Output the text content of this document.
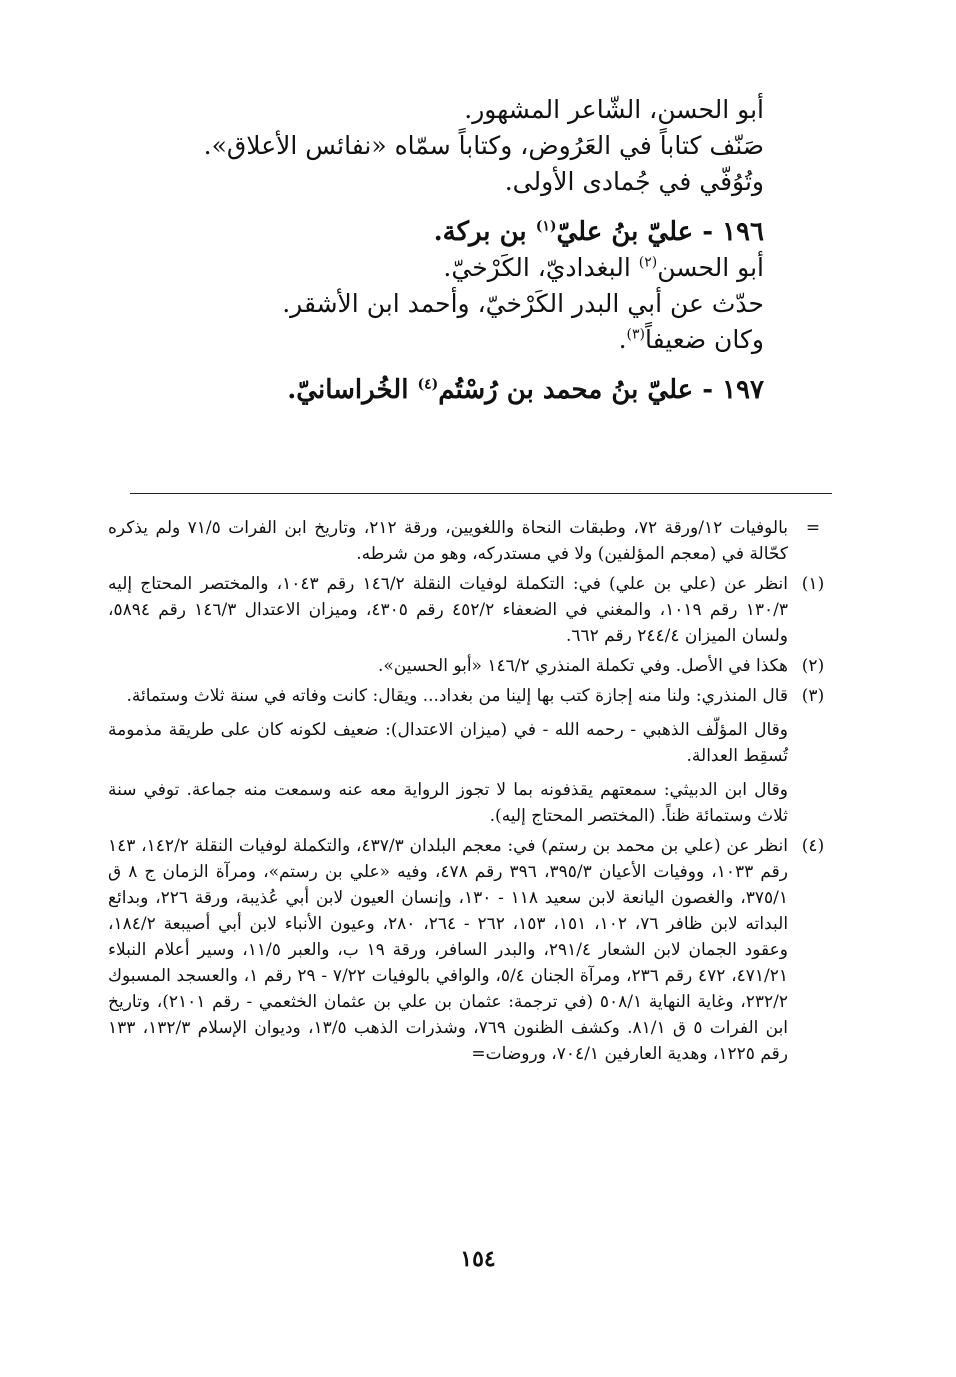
أبو الحسن، الشّاعر المشهور.
صَنّف كتاباً في العَرُوض، وكتاباً سمّاه «نفائس الأعلاق».
وتُوُفّي في جُمادى الأولى.
١٩٦ - عليّ بنُ عليّ$^{(١)}$ بن بركة.
أبو الحسن$^{(٢)}$ البغداديّ، الكَرْخيّ.
حدّث عن أبي البدر الكَرْخيّ، وأحمد ابن الأشقر.
وكان ضعيفاً$^{(٣)}$.
١٩٧ - عليّ بنُ محمد بن رُسْتُم$^{(٤)}$ الخُراسانيّ.
=
بالوفيات ١٢/ورقة ٧٢، وطبقات النحاة واللغويين، ورقة ٢١٢، وتاريخ ابن الفرات ٧١/٥ ولم يذكره كحّالة في (معجم المؤلفين) ولا في مستدركه، وهو من شرطه.
(١)
انظر عن (علي بن علي) في: التكملة لوفيات النقلة ١٤٦/٢ رقم ١٠٤٣، والمختصر المحتاج إليه ١٣٠/٣ رقم ١٠١٩، والمغني في الضعفاء ٤٥٢/٢ رقم ٤٣٠٥، وميزان الاعتدال ١٤٦/٣ رقم ٥٨٩٤، ولسان الميزان ٢٤٤/٤ رقم ٦٦٢.
(٢)
هكذا في الأصل. وفي تكملة المنذري ١٤٦/٢ «أبو الحسين».
(٣)
قال المنذري: ولنا منه إجازة كتب بها إلينا من بغداد... ويقال: كانت وفاته في سنة ثلاث وستمائة.
وقال المؤلّف الذهبي - رحمه الله - في (ميزان الاعتدال): ضعيف لكونه كان على طريقة مذمومة تُسقِط العدالة.
وقال ابن الدبيثي: سمعتهم يقذفونه بما لا تجوز الرواية معه عنه وسمعت منه جماعة. توفي سنة ثلاث وستمائة ظناً. (المختصر المحتاج إليه).
(٤)
انظر عن (علي بن محمد بن رستم) في: معجم البلدان ٤٣٧/٣، والتكملة لوفيات النقلة ١٤٢/٢، ١٤٣ رقم ١٠٣٣، ووفيات الأعيان ٣٩٥/٣، ٣٩٦ رقم ٤٧٨، وفيه «علي بن رستم»، ومرآة الزمان ج ٨ ق ٣٧٥/١، والغصون اليانعة لابن سعيد ١١٨ - ١٣٠، وإنسان العيون لابن أبي عُذيبة، ورقة ٢٢٦، وبدائع البداته لابن ظافر ٧٦، ١٠٢، ١٥١، ١٥٣، ٢٦٢ - ٢٦٤، ٢٨٠، وعيون الأنباء لابن أبي أصيبعة ١٨٤/٢، وعقود الجمان لابن الشعار ٢٩١/٤، والبدر السافر، ورقة ١٩ ب، والعبر ١١/٥، وسير أعلام النبلاء ٤٧١/٢١، ٤٧٢ رقم ٢٣٦، ومرآة الجنان ٥/٤، والوافي بالوفيات ٧/٢٢ - ٢٩ رقم ١، والعسجد المسبوك ٢٣٢/٢، وغاية النهاية ٥٠٨/١ (في ترجمة: عثمان بن علي بن عثمان الخثعمي - رقم ٢١٠١)، وتاريخ ابن الفرات ٥ ق ٨١/١. وكشف الظنون ٧٦٩، وشذرات الذهب ١٣/٥، وديوان الإسلام ١٣٢/٣، ١٣٣ رقم ١٢٢٥، وهدية العارفين ٧٠٤/١، وروضات=
١٥٤
